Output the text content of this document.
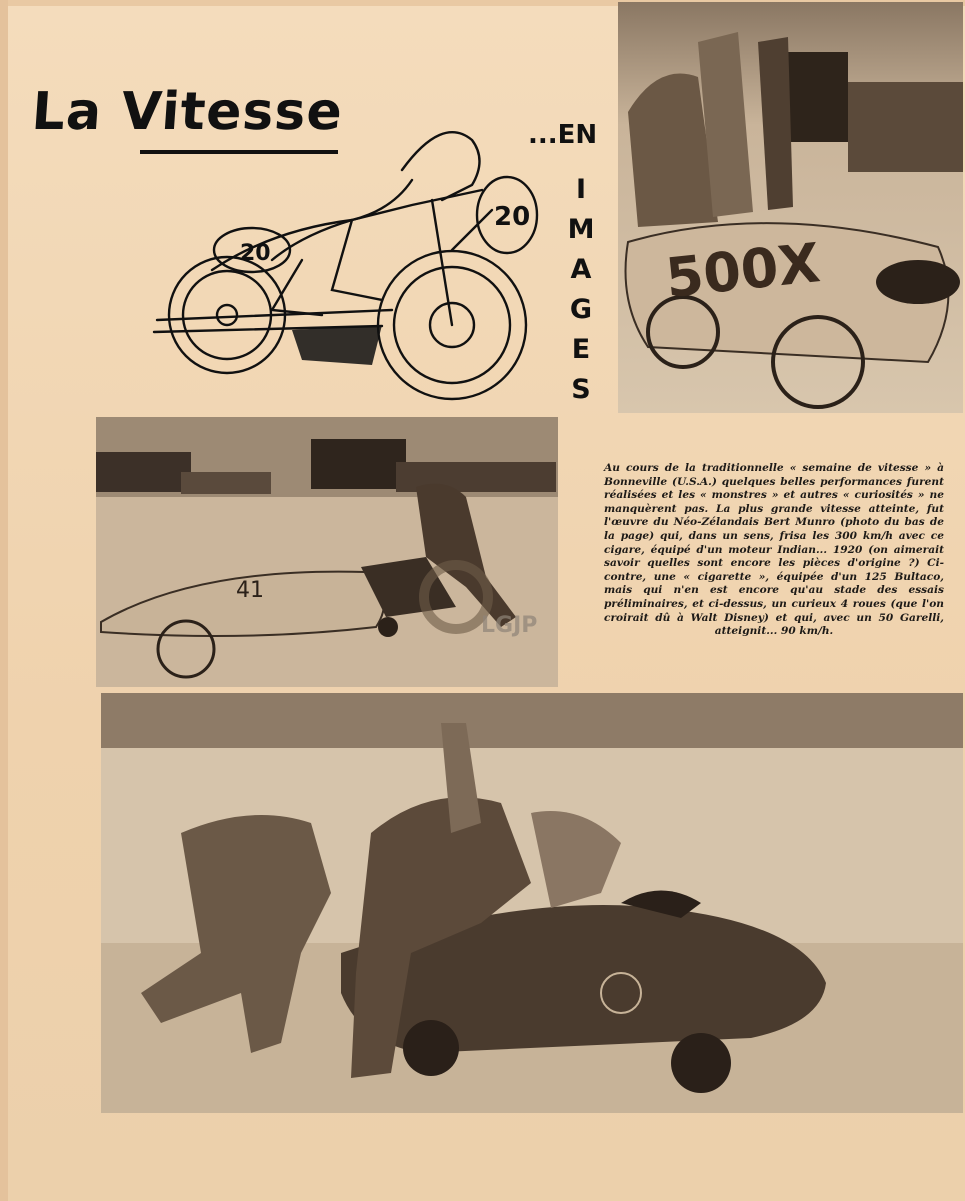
La Vitesse	...EN
IMAGES
20
20
500X
41
LGJP
Au cours de la traditionnelle « semaine de vitesse » à Bonneville (U.S.A.) quelques belles performances furent réalisées et les « monstres » et autres « curiosités » ne manquèrent pas. La plus grande vitesse atteinte, fut l'œuvre du Néo-Zélandais Bert Munro (photo du bas de la page) qui, dans un sens, frisa les 300 km/h avec ce cigare, équipé d'un moteur Indian... 1920 (on aimerait savoir quelles sont encore les pièces d'origine ?) Ci-contre, une « cigarette », équipée d'un 125 Bultaco, mais qui n'en est encore qu'au stade des essais préliminaires, et ci-dessus, un curieux 4 roues (que l'on croirait dû à Walt Disney) et qui, avec un 50 Garelli, atteignit... 90 km/h.
